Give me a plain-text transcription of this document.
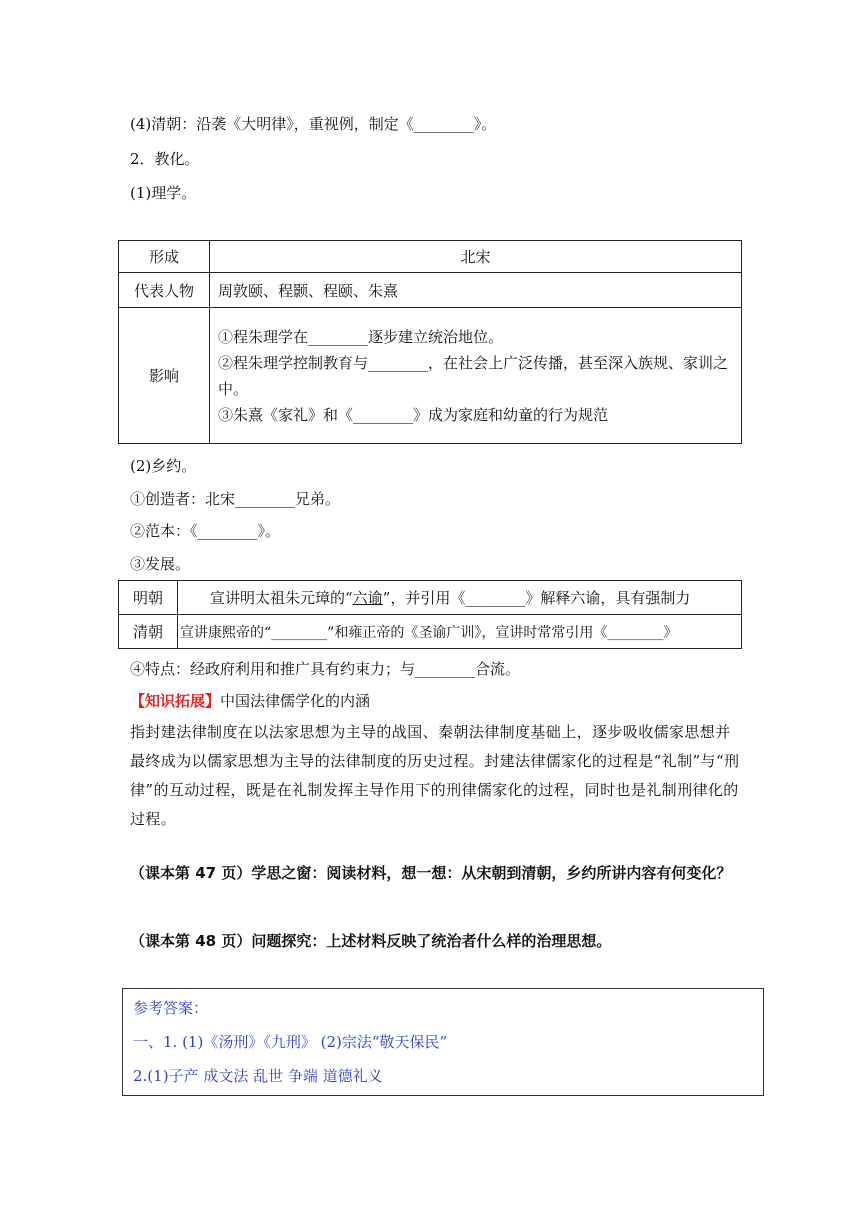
(4)清朝：沿袭《大明律》，重视例，制定《________》。
2．教化。
(1)理学。
形成	北宋
代表人物	周敦颐、程颢、程颐、朱熹
影响	①程朱理学在________逐步建立统治地位。
②程朱理学控制教育与________，在社会上广泛传播，甚至深入族规、家训之
中。
③朱熹《家礼》和《________》成为家庭和幼童的行为规范
(2)乡约。
①创造者：北宋________兄弟。
②范本：《________》。
③发展。
明朝	宣讲明太祖朱元璋的“六谕”，并引用《________》解释六谕，具有强制力
清朝	宣讲康熙帝的“________”和雍正帝的《圣谕广训》，宣讲时常常引用《________》
④特点：经政府利用和推广具有约束力；与________合流。
【知识拓展】中国法律儒学化的内涵
指封建法律制度在以法家思想为主导的战国、秦朝法律制度基础上，逐步吸收儒家思想并最终成为以儒家思想为主导的法律制度的历史过程。封建法律儒家化的过程是“礼制”与“刑律”的互动过程，既是在礼制发挥主导作用下的刑律儒家化的过程，同时也是礼制刑律化的过程。
（课本第 47 页）学思之窗：阅读材料，想一想：从宋朝到清朝，乡约所讲内容有何变化？
（课本第 48 页）问题探究：上述材料反映了统治者什么样的治理思想。
参考答案：
一、1. (1)《汤刑》《九刑》 (2)宗法“敬天保民”
2.(1)子产 成文法 乱世 争端 道德礼义
